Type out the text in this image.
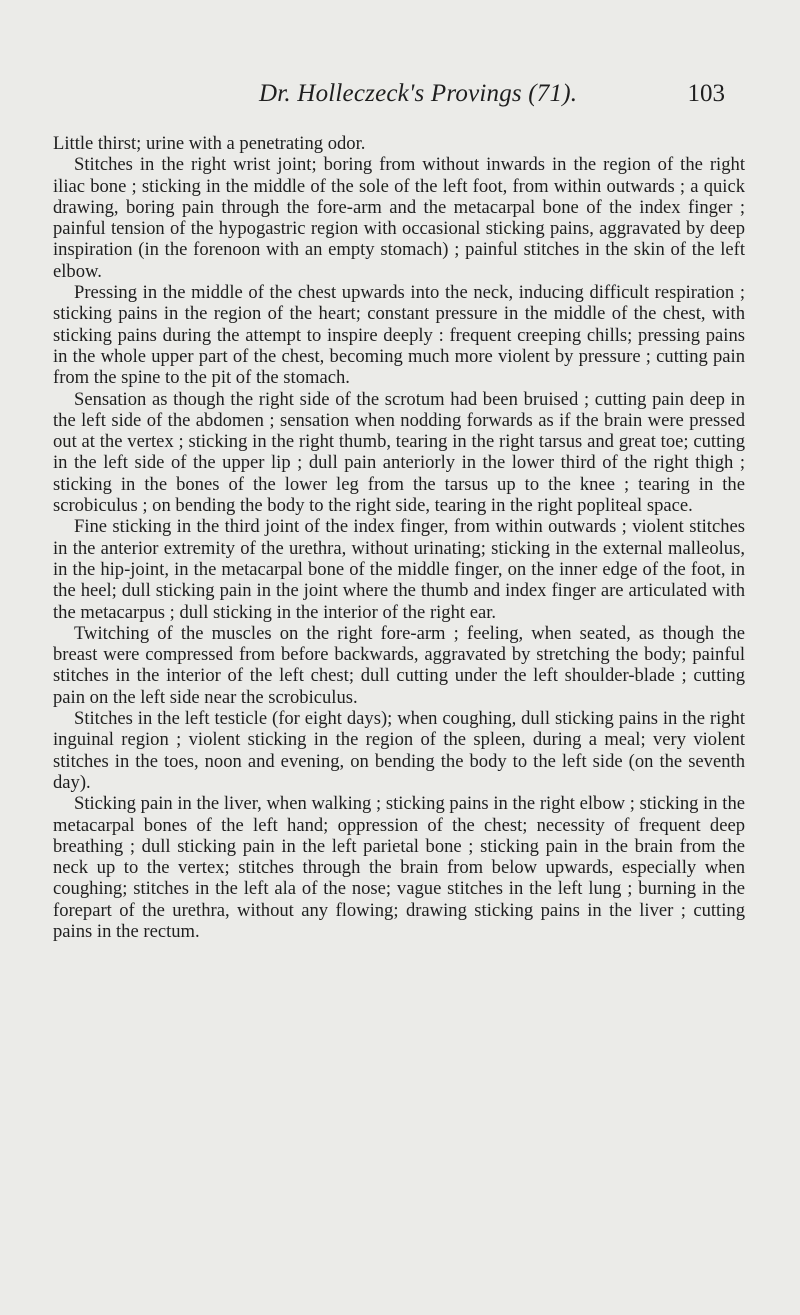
Dr. Holleczeck's Provings (71).	103

Little thirst; urine with a penetrating odor.

Stitches in the right wrist joint; boring from without inwards in the region of the right iliac bone ; sticking in the middle of the sole of the left foot, from within outwards ; a quick drawing, boring pain through the fore-arm and the metacarpal bone of the index finger ; painful tension of the hypogastric region with occasional sticking pains, aggravated by deep inspiration (in the forenoon with an empty stomach) ; painful stitches in the skin of the left elbow.

Pressing in the middle of the chest upwards into the neck, inducing difficult respiration ; sticking pains in the region of the heart; constant pressure in the middle of the chest, with sticking pains during the attempt to inspire deeply : frequent creeping chills; pressing pains in the whole upper part of the chest, becoming much more violent by pressure ; cutting pain from the spine to the pit of the stomach.

Sensation as though the right side of the scrotum had been bruised ; cutting pain deep in the left side of the abdomen ; sensation when nodding forwards as if the brain were pressed out at the vertex ; sticking in the right thumb, tearing in the right tarsus and great toe; cutting in the left side of the upper lip ; dull pain anteriorly in the lower third of the right thigh ; sticking in the bones of the lower leg from the tarsus up to the knee ; tearing in the scrobiculus ; on bending the body to the right side, tearing in the right popliteal space.

Fine sticking in the third joint of the index finger, from within outwards ; violent stitches in the anterior extremity of the urethra, without urinating; sticking in the external malleolus, in the hip-joint, in the metacarpal bone of the middle finger, on the inner edge of the foot, in the heel; dull sticking pain in the joint where the thumb and index finger are articulated with the metacarpus ; dull sticking in the interior of the right ear.

Twitching of the muscles on the right fore-arm ; feeling, when seated, as though the breast were compressed from before backwards, aggravated by stretching the body; painful stitches in the interior of the left chest; dull cutting under the left shoulder-blade ; cutting pain on the left side near the scrobiculus.

Stitches in the left testicle (for eight days); when coughing, dull sticking pains in the right inguinal region ; violent sticking in the region of the spleen, during a meal; very violent stitches in the toes, noon and evening, on bending the body to the left side (on the seventh day).

Sticking pain in the liver, when walking ; sticking pains in the right elbow ; sticking in the metacarpal bones of the left hand; oppression of the chest; necessity of frequent deep breathing ; dull sticking pain in the left parietal bone ; sticking pain in the brain from the neck up to the vertex; stitches through the brain from below upwards, especially when coughing; stitches in the left ala of the nose; vague stitches in the left lung ; burning in the forepart of the urethra, without any flowing; drawing sticking pains in the liver ; cutting pains in the rectum.
